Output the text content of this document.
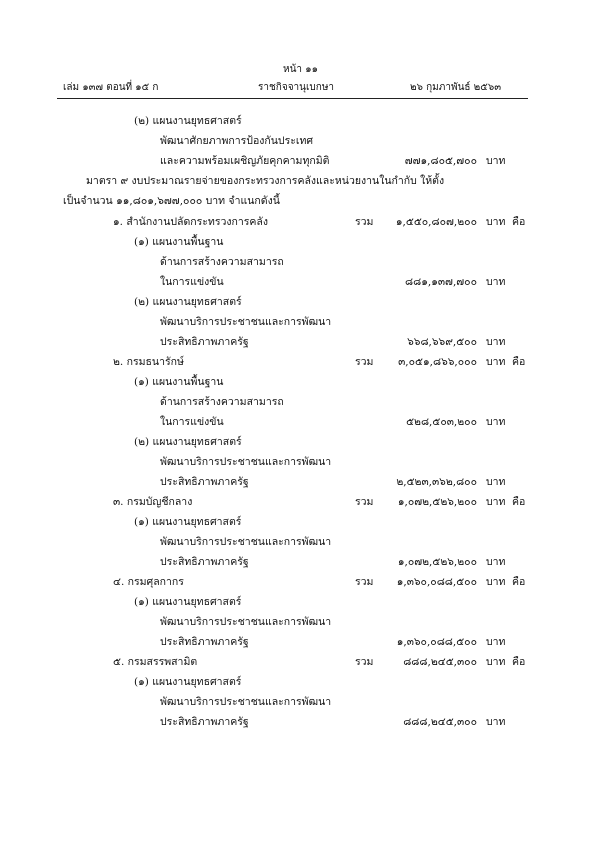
หน้า ๑๑
เล่ม ๑๓๗ ตอนที่ ๑๕ ก	ราชกิจจานุเบกษา	๒๖ กุมภาพันธ์ ๒๕๖๓
(๒) แผนงานยุทธศาสตร์
พัฒนาศักยภาพการป้องกันประเทศ
และความพร้อมเผชิญภัยคุกคามทุกมิติ	๗๗๑,๘๐๕,๗๐๐ บาท
มาตรา ๙ งบประมาณรายจ่ายของกระทรวงการคลังและหน่วยงานในกำกับ ให้ตั้ง
เป็นจำนวน ๑๑,๘๐๑,๖๗๗,๐๐๐ บาท จำแนกดังนี้
๑. สำนักงานปลัดกระทรวงการคลัง	รวม ๑,๕๕๐,๘๐๗,๒๐๐ บาท คือ
(๑) แผนงานพื้นฐาน
ด้านการสร้างความสามารถ
ในการแข่งขัน	๘๘๑,๑๓๗,๗๐๐ บาท
(๒) แผนงานยุทธศาสตร์
พัฒนาบริการประชาชนและการพัฒนา
ประสิทธิภาพภาครัฐ	๖๖๘,๖๖๙,๕๐๐ บาท
๒. กรมธนารักษ์	รวม ๓,๐๕๑,๘๖๖,๐๐๐ บาท คือ
(๑) แผนงานพื้นฐาน
ด้านการสร้างความสามารถ
ในการแข่งขัน	๕๒๘,๕๐๓,๒๐๐ บาท
(๒) แผนงานยุทธศาสตร์
พัฒนาบริการประชาชนและการพัฒนา
ประสิทธิภาพภาครัฐ	๒,๕๒๓,๓๖๒,๘๐๐ บาท
๓. กรมบัญชีกลาง	รวม ๑,๐๗๒,๕๒๖,๒๐๐ บาท คือ
(๑) แผนงานยุทธศาสตร์
พัฒนาบริการประชาชนและการพัฒนา
ประสิทธิภาพภาครัฐ	๑,๐๗๒,๕๒๖,๒๐๐ บาท
๔. กรมศุลกากร	รวม ๑,๓๖๐,๐๘๘,๕๐๐ บาท คือ
(๑) แผนงานยุทธศาสตร์
พัฒนาบริการประชาชนและการพัฒนา
ประสิทธิภาพภาครัฐ	๑,๓๖๐,๐๘๘,๕๐๐ บาท
๕. กรมสรรพสามิต	รวม	๘๘๘,๒๔๕,๓๐๐ บาท คือ
(๑) แผนงานยุทธศาสตร์
พัฒนาบริการประชาชนและการพัฒนา
ประสิทธิภาพภาครัฐ	๘๘๘,๒๔๕,๓๐๐ บาท
